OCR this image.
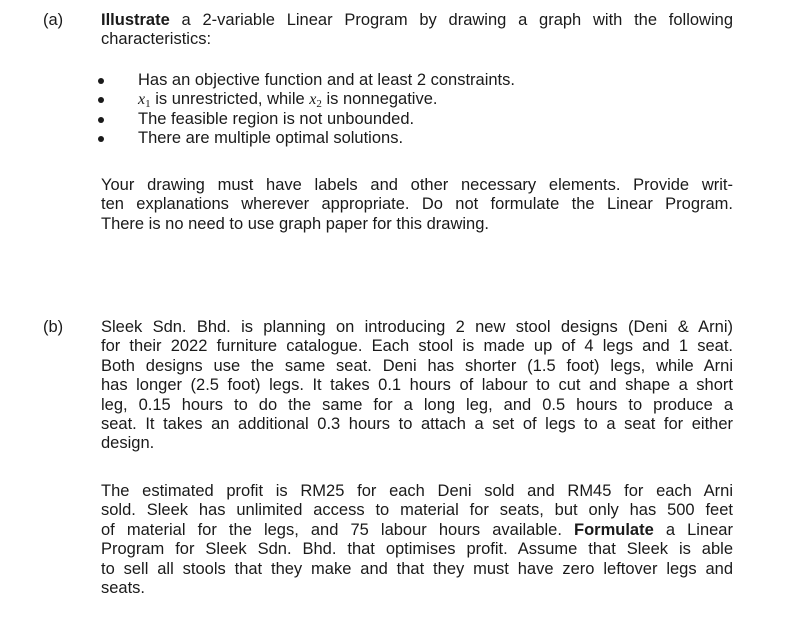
(a) Illustrate a 2-variable Linear Program by drawing a graph with the following
characteristics:
Has an objective function and at least 2 constraints.
$x_1$ is unrestricted, while $x_2$ is nonnegative.
The feasible region is not unbounded.
There are multiple optimal solutions.
Your drawing must have labels and other necessary elements. Provide writ-
ten explanations wherever appropriate. Do not formulate the Linear Program.
There is no need to use graph paper for this drawing.
(b) Sleek Sdn. Bhd. is planning on introducing 2 new stool designs (Deni & Arni)
for their 2022 furniture catalogue. Each stool is made up of 4 legs and 1 seat.
Both designs use the same seat. Deni has shorter (1.5 foot) legs, while Arni
has longer (2.5 foot) legs. It takes 0.1 hours of labour to cut and shape a short
leg, 0.15 hours to do the same for a long leg, and 0.5 hours to produce a
seat. It takes an additional 0.3 hours to attach a set of legs to a seat for either
design.
The estimated profit is RM25 for each Deni sold and RM45 for each Arni
sold. Sleek has unlimited access to material for seats, but only has 500 feet
of material for the legs, and 75 labour hours available. Formulate a Linear
Program for Sleek Sdn. Bhd. that optimises profit. Assume that Sleek is able
to sell all stools that they make and that they must have zero leftover legs and
seats.
